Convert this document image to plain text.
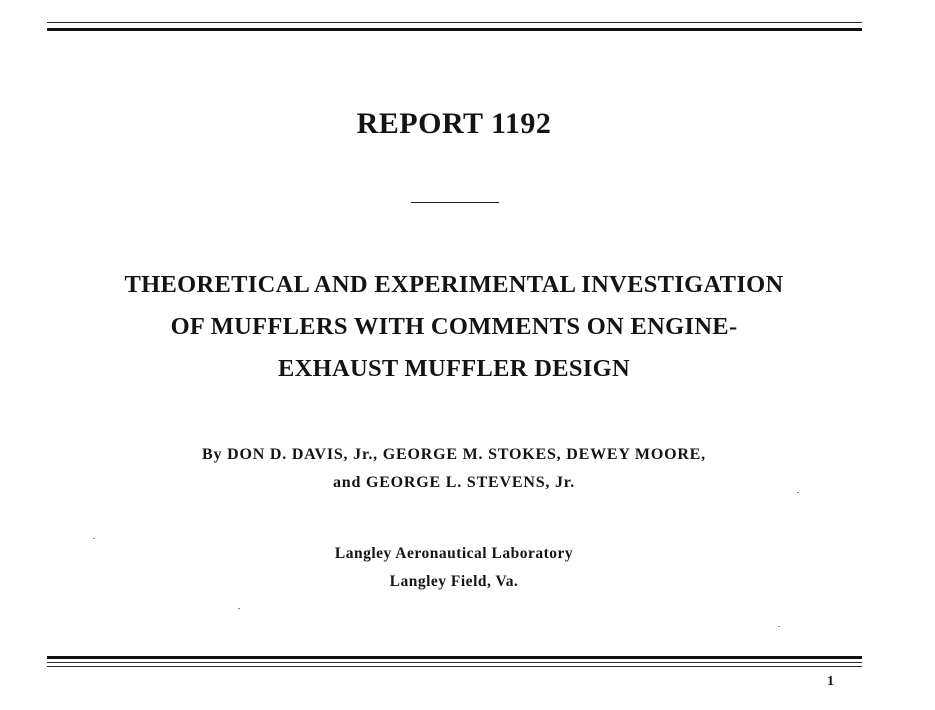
REPORT 1192
THEORETICAL AND EXPERIMENTAL INVESTIGATION
OF MUFFLERS WITH COMMENTS ON ENGINE-
EXHAUST MUFFLER DESIGN
By DON D. DAVIS, Jr., GEORGE M. STOKES, DEWEY MOORE,
and GEORGE L. STEVENS, Jr.
Langley Aeronautical Laboratory
Langley Field, Va.
1
